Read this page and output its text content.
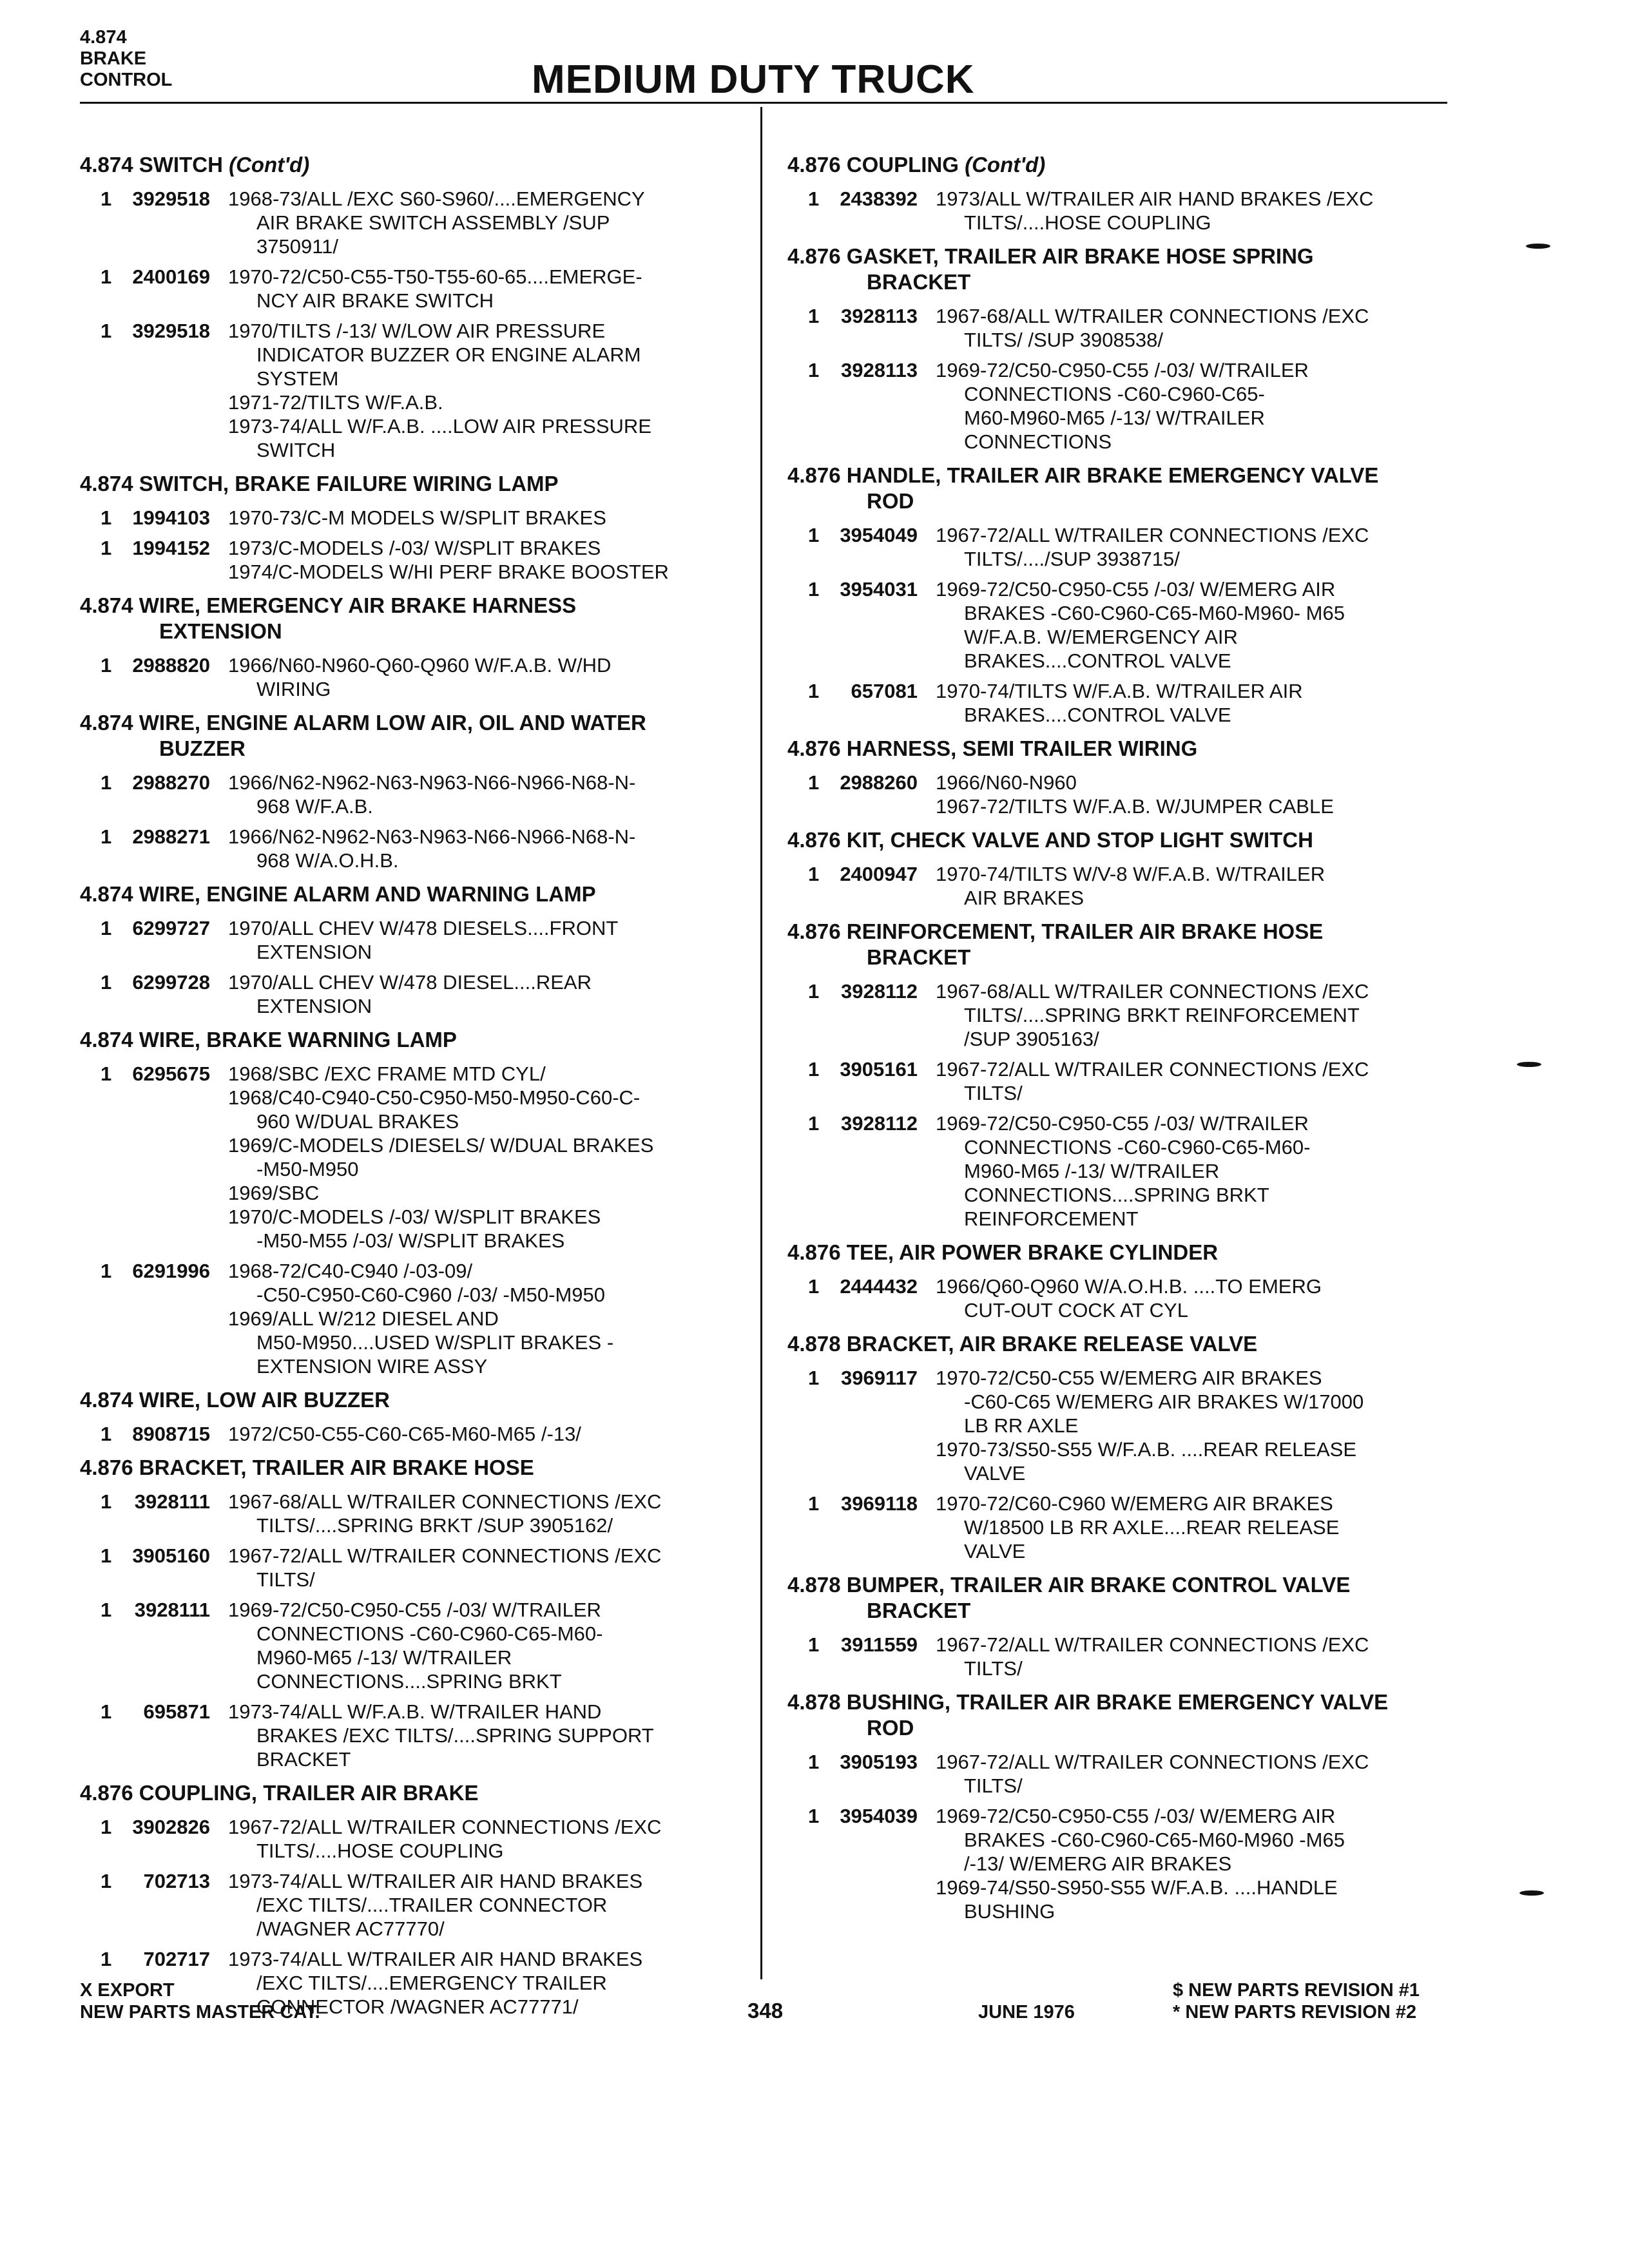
4.874
BRAKE
CONTROL	MEDIUM DUTY TRUCK
4.874 SWITCH (Cont'd)
1	3929518 1968-73/ALL /EXC S60-S960/....EMERGENCY
AIR BRAKE SWITCH ASSEMBLY /SUP
3750911/
1	2400169 1970-72/C50-C55-T50-T55-60-65....EMERGE-
NCY AIR BRAKE SWITCH
1	3929518 1970/TILTS /-13/ W/LOW AIR PRESSURE
INDICATOR BUZZER OR ENGINE ALARM
SYSTEM
1971-72/TILTS W/F.A.B.
1973-74/ALL W/F.A.B. ....LOW AIR PRESSURE
SWITCH
4.874 SWITCH, BRAKE FAILURE WIRING LAMP
1	1994103 1970-73/C-M MODELS W/SPLIT BRAKES
1	1994152 1973/C-MODELS /-03/ W/SPLIT BRAKES
1974/C-MODELS W/HI PERF BRAKE BOOSTER
4.874 WIRE, EMERGENCY AIR BRAKE HARNESS
EXTENSION
1	2988820 1966/N60-N960-Q60-Q960 W/F.A.B. W/HD
WIRING
4.874 WIRE, ENGINE ALARM LOW AIR, OIL AND WATER
BUZZER
1	2988270 1966/N62-N962-N63-N963-N66-N966-N68-N-
968 W/F.A.B.
1	2988271 1966/N62-N962-N63-N963-N66-N966-N68-N-
968 W/A.O.H.B.
4.874 WIRE, ENGINE ALARM AND WARNING LAMP
1	6299727 1970/ALL CHEV W/478 DIESELS....FRONT
EXTENSION
1	6299728 1970/ALL CHEV W/478 DIESEL....REAR
EXTENSION
4.874 WIRE, BRAKE WARNING LAMP
1	6295675 1968/SBC /EXC FRAME MTD CYL/
1968/C40-C940-C50-C950-M50-M950-C60-C-
960 W/DUAL BRAKES
1969/C-MODELS /DIESELS/ W/DUAL BRAKES
-M50-M950
1969/SBC
1970/C-MODELS /-03/ W/SPLIT BRAKES
-M50-M55 /-03/ W/SPLIT BRAKES
1	6291996 1968-72/C40-C940 /-03-09/
-C50-C950-C60-C960 /-03/ -M50-M950
1969/ALL W/212 DIESEL AND
M50-M950....USED W/SPLIT BRAKES -
EXTENSION WIRE ASSY
4.874 WIRE, LOW AIR BUZZER
1	8908715 1972/C50-C55-C60-C65-M60-M65 /-13/
4.876 BRACKET, TRAILER AIR BRAKE HOSE
1	3928111 1967-68/ALL W/TRAILER CONNECTIONS /EXC
TILTS/....SPRING BRKT /SUP 3905162/
1	3905160 1967-72/ALL W/TRAILER CONNECTIONS /EXC
TILTS/
1	3928111 1969-72/C50-C950-C55 /-03/ W/TRAILER
CONNECTIONS -C60-C960-C65-M60-
M960-M65 /-13/ W/TRAILER
CONNECTIONS....SPRING BRKT
1	695871 1973-74/ALL W/F.A.B. W/TRAILER HAND
BRAKES /EXC TILTS/....SPRING SUPPORT
BRACKET
4.876 COUPLING, TRAILER AIR BRAKE
1	3902826 1967-72/ALL W/TRAILER CONNECTIONS /EXC
TILTS/....HOSE COUPLING
1	702713 1973-74/ALL W/TRAILER AIR HAND BRAKES
/EXC TILTS/....TRAILER CONNECTOR
/WAGNER AC77770/
1	702717 1973-74/ALL W/TRAILER AIR HAND BRAKES
/EXC TILTS/....EMERGENCY TRAILER
CONNECTOR /WAGNER AC77771/
4.876 COUPLING (Cont'd)
1	2438392 1973/ALL W/TRAILER AIR HAND BRAKES /EXC
TILTS/....HOSE COUPLING
4.876 GASKET, TRAILER AIR BRAKE HOSE SPRING
BRACKET
1	3928113 1967-68/ALL W/TRAILER CONNECTIONS /EXC
TILTS/ /SUP 3908538/
1	3928113 1969-72/C50-C950-C55 /-03/ W/TRAILER
CONNECTIONS -C60-C960-C65-
M60-M960-M65 /-13/ W/TRAILER
CONNECTIONS
4.876 HANDLE, TRAILER AIR BRAKE EMERGENCY VALVE
ROD
1	3954049 1967-72/ALL W/TRAILER CONNECTIONS /EXC
TILTS/..../SUP 3938715/
1	3954031 1969-72/C50-C950-C55 /-03/ W/EMERG AIR
BRAKES -C60-C960-C65-M60-M960- M65
W/F.A.B. W/EMERGENCY AIR
BRAKES....CONTROL VALVE
1	657081 1970-74/TILTS W/F.A.B. W/TRAILER AIR
BRAKES....CONTROL VALVE
4.876 HARNESS, SEMI TRAILER WIRING
1	2988260 1966/N60-N960
1967-72/TILTS W/F.A.B. W/JUMPER CABLE
4.876 KIT, CHECK VALVE AND STOP LIGHT SWITCH
1	2400947 1970-74/TILTS W/V-8 W/F.A.B. W/TRAILER
AIR BRAKES
4.876 REINFORCEMENT, TRAILER AIR BRAKE HOSE
BRACKET
1	3928112 1967-68/ALL W/TRAILER CONNECTIONS /EXC
TILTS/....SPRING BRKT REINFORCEMENT
/SUP 3905163/
1	3905161 1967-72/ALL W/TRAILER CONNECTIONS /EXC
TILTS/
1	3928112 1969-72/C50-C950-C55 /-03/ W/TRAILER
CONNECTIONS -C60-C960-C65-M60-
M960-M65 /-13/ W/TRAILER
CONNECTIONS....SPRING BRKT
REINFORCEMENT
4.876 TEE, AIR POWER BRAKE CYLINDER
1	2444432 1966/Q60-Q960 W/A.O.H.B. ....TO EMERG
CUT-OUT COCK AT CYL
4.878 BRACKET, AIR BRAKE RELEASE VALVE
1	3969117 1970-72/C50-C55 W/EMERG AIR BRAKES
-C60-C65 W/EMERG AIR BRAKES W/17000
LB RR AXLE
1970-73/S50-S55 W/F.A.B. ....REAR RELEASE
VALVE
1	3969118 1970-72/C60-C960 W/EMERG AIR BRAKES
W/18500 LB RR AXLE....REAR RELEASE
VALVE
4.878 BUMPER, TRAILER AIR BRAKE CONTROL VALVE
BRACKET
1	3911559 1967-72/ALL W/TRAILER CONNECTIONS /EXC
TILTS/
4.878 BUSHING, TRAILER AIR BRAKE EMERGENCY VALVE
ROD
1	3905193 1967-72/ALL W/TRAILER CONNECTIONS /EXC
TILTS/
1	3954039 1969-72/C50-C950-C55 /-03/ W/EMERG AIR
BRAKES -C60-C960-C65-M60-M960 -M65
/-13/ W/EMERG AIR BRAKES
1969-74/S50-S950-S55 W/F.A.B. ....HANDLE
BUSHING
X EXPORT
NEW PARTS MASTER CAT.	348	JUNE 1976
$ NEW PARTS REVISION #1
* NEW PARTS REVISION #2
